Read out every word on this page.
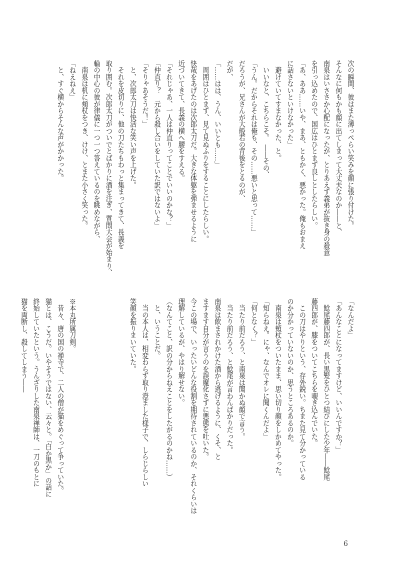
次の瞬間、彼はまた薄っぺらい笑みを顔に張り付けた。
そんなに何もかも顔に出てしまって大丈夫なのか――と、
南泉はいささか心配になったが、とりあえず義弟が抜き身の殺意
を引っ込めたので、国広はひとまず良しとしたらしい。
「あ、ああ……いや、まあ、ともかく、悪かった。俺もおまえ
に話さないといけなかった」
　避けていてすまなかった、と。
　いいなと、こちらこそ。　――その、
「うん。だからそれは俺も、その……悪いと思って……」
だろうが、兄さんが大般若の背後をとるのが、
だが、
「……はは、うん、いいとも……」
　周囲はひとまず、見て見ぬふりをすることにしたらしい。
快哉をあげたのは次郎太刀だ。大きな体躯を弾ませるように
近づいてきて、長義の横へ腰をすえる。
「それじゃあ、一人は仲直りってことでいいのかな？」
「仲直り？　元から殺し合いをしていた訳ではないよ」
「そりゃあそうだ！」
　と、次郎太刀は快活な笑い声を上げた。
　それを皮切りに、他の刀たちもわっと集まってきて、長義を
取り囲む。次郎太刀がついでとばかりに酒を注ぎ、質問大会が始まり、
輪の中心の彼が律儀に一つ一つ答えているのを眺めながら、
　南泉は机に頬杖をつき、けけ、とまた小さく笑った。
「ねえねえ」
　と、すぐ横からそんな声がかかった。
「なんだよ」
「あんなことになってますけど、いいんですか？」
　鯰尾藤四郎が、長い黒髪をひとつ結びにした少年――鯰尾
藤四郎が、膝をついてこちらを覗き込んでいた。
　この刀はやりという、存外鋭い。ちまた見て分かっている
のか分かっていないのか、思うところあるのか。
　南泉は頬杖をついたまま、思い切り顔をしかめてやった。
「知らねえ。にゃ、なんでオレに聞くんだよ」
「何となく？」
　当たり前だろう、と南泉は聞かぬ顔で言う。
　当たり前だろう、と鯰尾が言わんばかりだった。
南泉は飲まされかけた酒から逃げるように、くそ、と
ますます自分が言うのを誤魔化さずに悪態を吐いた。
今この場で、いったいどんな役割を期待されているのか、それくらいは
理解しているが、やはり解せない。
（なんてこと、訳の分からねえことをしたがるのかね……）
　と、いうことだ。
　当の本人は、相変わらず取り澄ました様子で、しらじらしい
笑顔を振りまいていた。

※本丸所属刀剣。
　昔々、唐の国の禅寺で、二人の僧が猫をめぐって争っていた。
猫とは、こうだ。いやそうではない、云々と。「白か黒か」の話に
終始していたという。うんざりした南泉禅師は、一刀のもとに
猫を両断し、殺してしまう――
6
